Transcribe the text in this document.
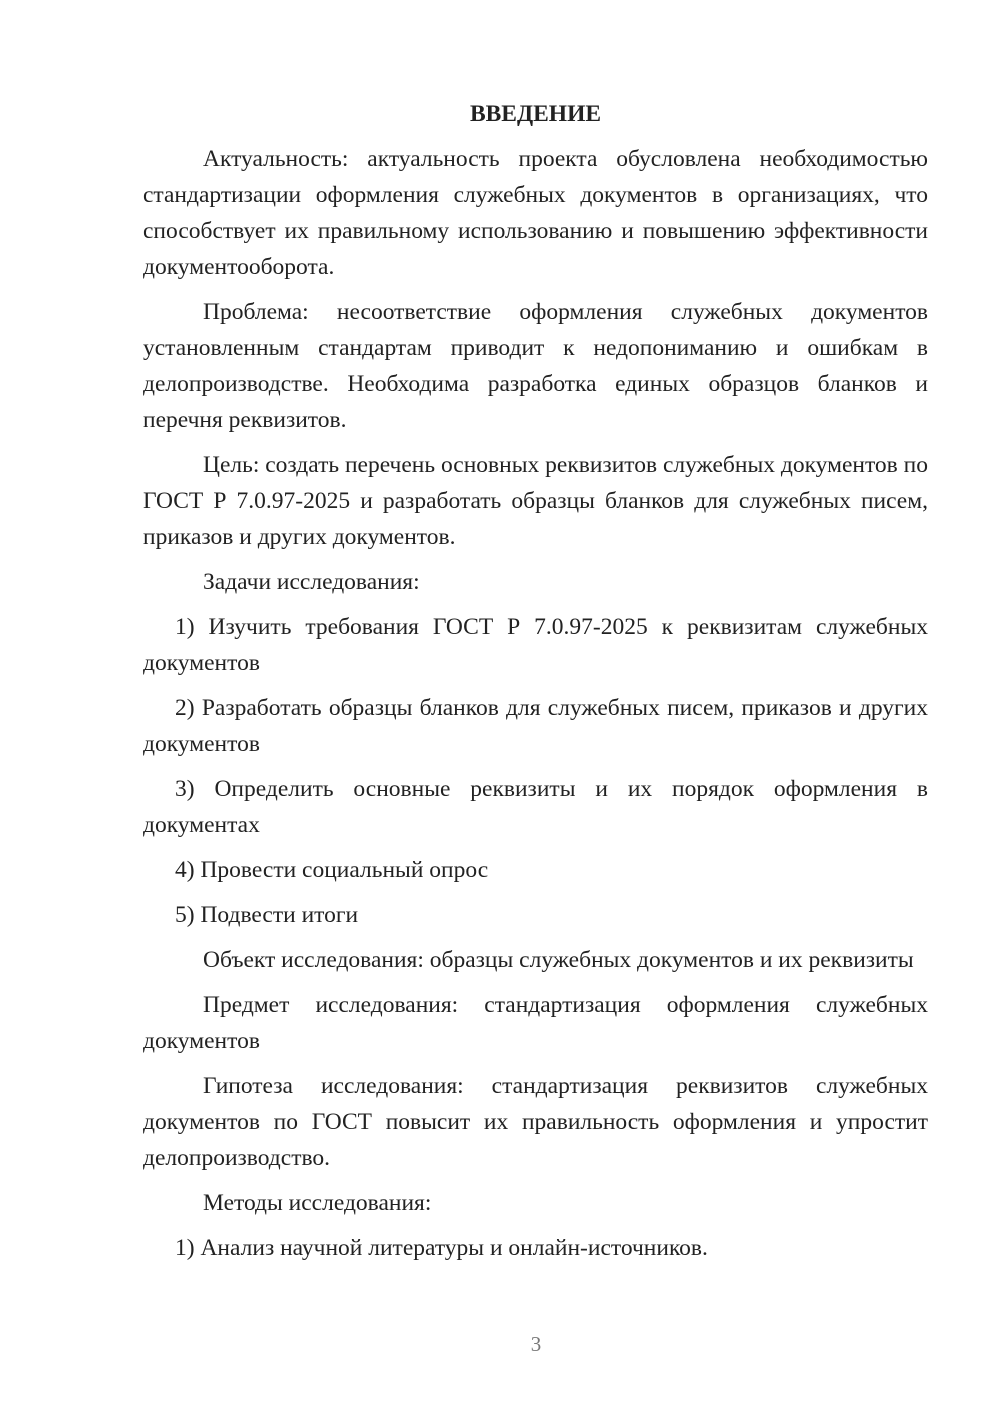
ВВЕДЕНИЕ

Актуальность: актуальность проекта обусловлена необходимостью стандартизации оформления служебных документов в организациях, что способствует их правильному использованию и повышению эффективности документооборота.

Проблема: несоответствие оформления служебных документов установленным стандартам приводит к недопониманию и ошибкам в делопроизводстве. Необходима разработка единых образцов бланков и перечня реквизитов.

Цель: создать перечень основных реквизитов служебных документов по ГОСТ Р 7.0.97-2025 и разработать образцы бланков для служебных писем, приказов и других документов.

Задачи исследования:

1) Изучить требования ГОСТ Р 7.0.97-2025 к реквизитам служебных документов

2) Разработать образцы бланков для служебных писем, приказов и других документов

3) Определить основные реквизиты и их порядок оформления в документах

4) Провести социальный опрос

5) Подвести итоги

Объект исследования: образцы служебных документов и их реквизиты

Предмет исследования: стандартизация оформления служебных документов

Гипотеза исследования: стандартизация реквизитов служебных документов по ГОСТ повысит их правильность оформления и упростит делопроизводство.

Методы исследования:

1) Анализ научной литературы и онлайн-источников.

3
